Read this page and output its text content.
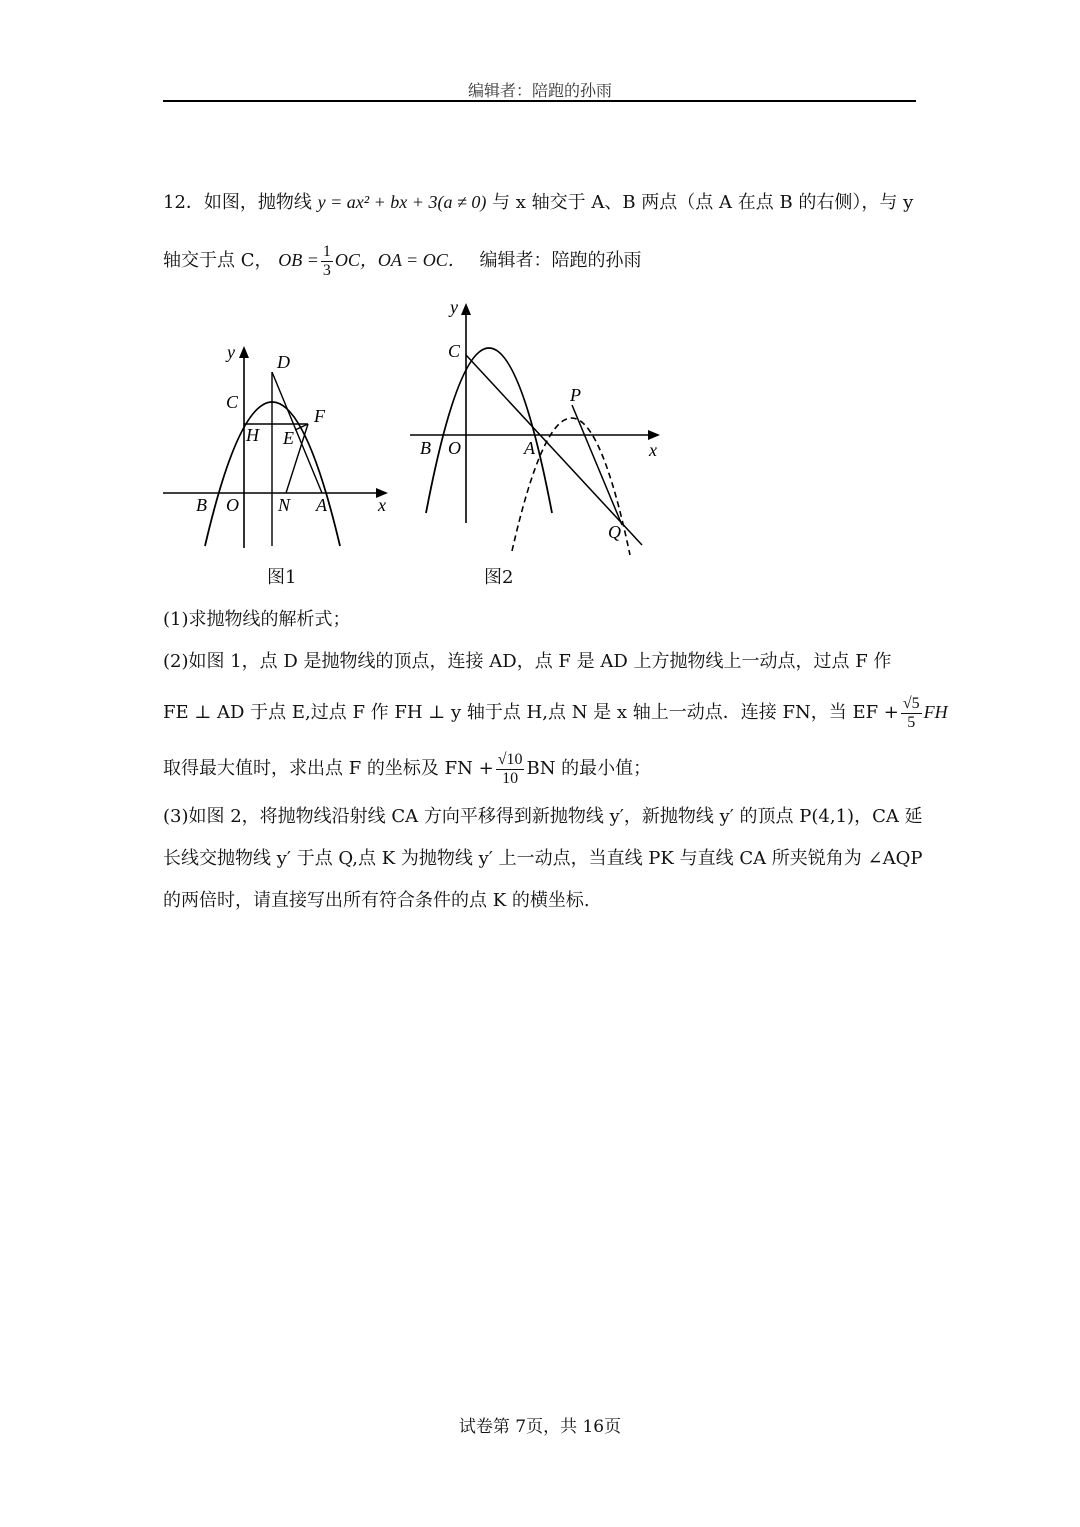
编辑者：陪跑的孙雨
12．如图，抛物线 y = ax² + bx + 3(a ≠ 0) 与 x 轴交于 A、B 两点（点 A 在点 B 的右侧），与 y
轴交于点 C， OB = $\frac{1}{3}$ OC，OA = OC． 编辑者：陪跑的孙雨
y D
C
H E
F
B O N A	x
图1
y
C
P
B O	A	x
Q
图2
(1)求抛物线的解析式；
(2)如图 1，点 D 是抛物线的顶点，连接 AD，点 F 是 AD 上方抛物线上一动点，过点 F 作
FE ⊥ AD 于点 E,过点 F 作 FH ⊥ y 轴于点 H,点 N 是 x 轴上一动点．连接 FN，当 EF + $\frac{√5}{5}$ FH
取得最大值时，求出点 F 的坐标及 FN + $\frac{√10}{10}$ BN 的最小值；
(3)如图 2，将抛物线沿射线 CA 方向平移得到新抛物线 y′，新抛物线 y′ 的顶点 P(4,1)，CA 延
长线交抛物线 y′ 于点 Q,点 K 为抛物线 y′ 上一动点，当直线 PK 与直线 CA 所夹锐角为 ∠AQP
的两倍时，请直接写出所有符合条件的点 K 的横坐标.
试卷第 7页，共 16页
